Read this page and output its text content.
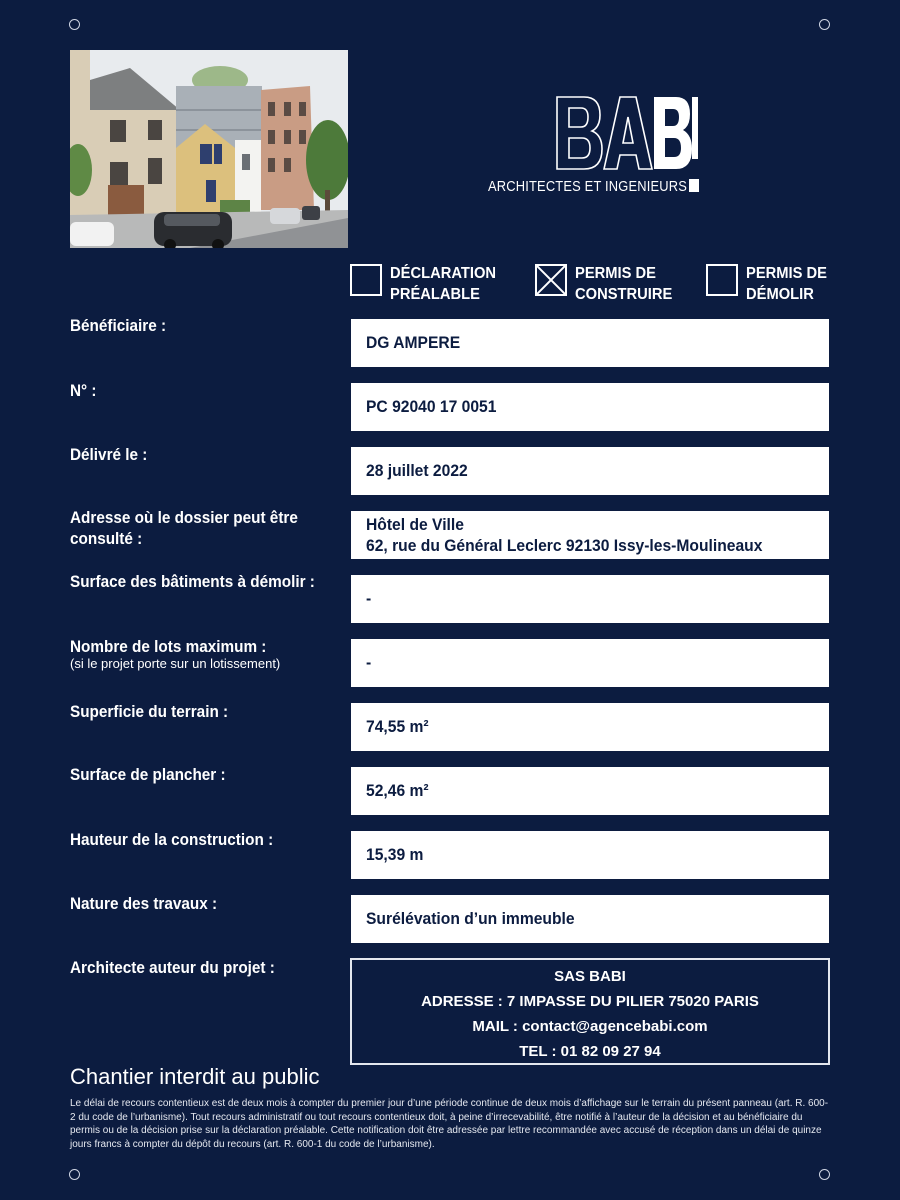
ARCHITECTES ET INGENIEURS
DÉCLARATION
PRÉALABLE
PERMIS DE
CONSTRUIRE
PERMIS DE
DÉMOLIR
Bénéficiaire :
DG AMPERE
N° :
PC 92040 17 0051
Délivré le :
28 juillet 2022
Adresse où le dossier peut être
consulté :
Hôtel de Ville
62, rue du Général Leclerc 92130 Issy-les-Moulineaux
Surface des bâtiments à démolir :
-
Nombre de lots maximum :
(si le projet porte sur un lotissement)	-
Superficie du terrain :
74,55 m²
Surface de plancher :
52,46 m²
Hauteur de la construction :
15,39 m
Nature des travaux :
Surélévation d’un immeuble
Architecte auteur du projet :	SAS BABI
ADRESSE : 7 IMPASSE DU PILIER 75020 PARIS
MAIL : contact@agencebabi.com
TEL : 01 82 09 27 94
Chantier interdit au public
Le délai de recours contentieux est de deux mois à compter du premier jour d’une période continue de deux mois d’affichage sur le terrain du présent panneau (art. R. 600-2 du code de l’urbanisme). Tout recours administratif ou tout recours contentieux doit, à peine d’irrecevabilité, être notifié à l’auteur de la décision et au bénéficiaire du permis ou de la décision prise sur la déclaration préalable. Cette notification doit être adressée par lettre recommandée avec accusé de réception dans un délai de quinze jours francs à compter du dépôt du recours (art. R. 600-1 du code de l’urbanisme).
